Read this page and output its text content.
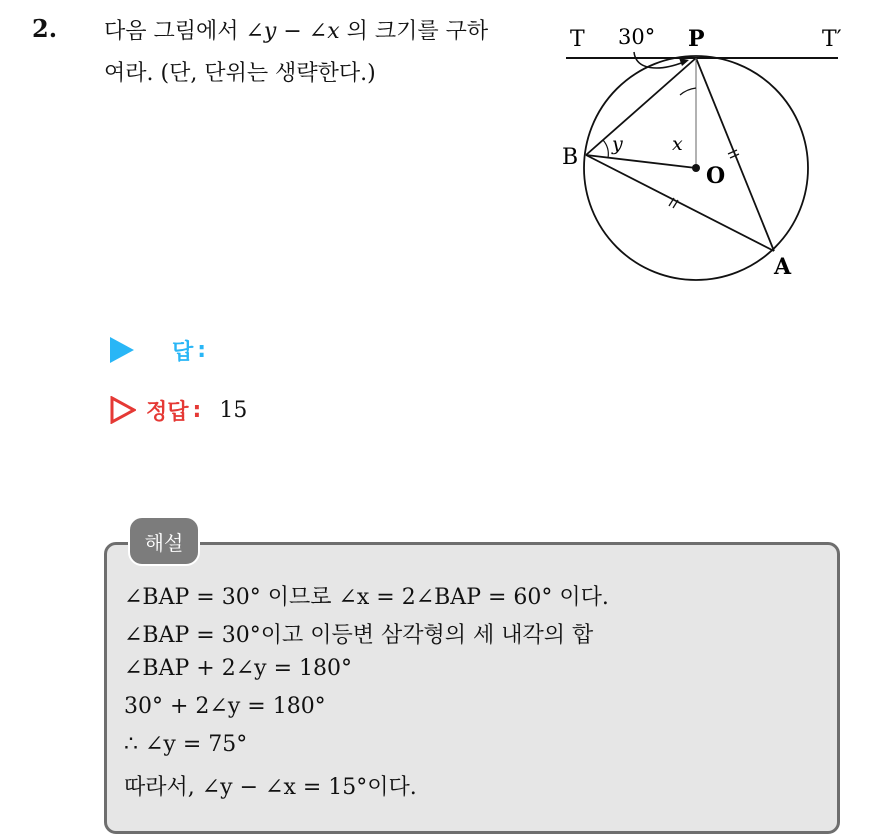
2. 다음 그림에서 ∠y − ∠x 의 크기를 구하
여라. (단, 단위는 생략한다.)
T 30° P	T′
B
y	x
O
A
답 :
정답 : 15
해설
∠BAP = 30° 이므로 ∠x = 2∠BAP = 60° 이다.
∠BAP = 30°이고 이등변 삼각형의 세 내각의 합
∠BAP + 2∠y = 180°
30° + 2∠y = 180°
∴ ∠y = 75°
따라서, ∠y − ∠x = 15°이다.
